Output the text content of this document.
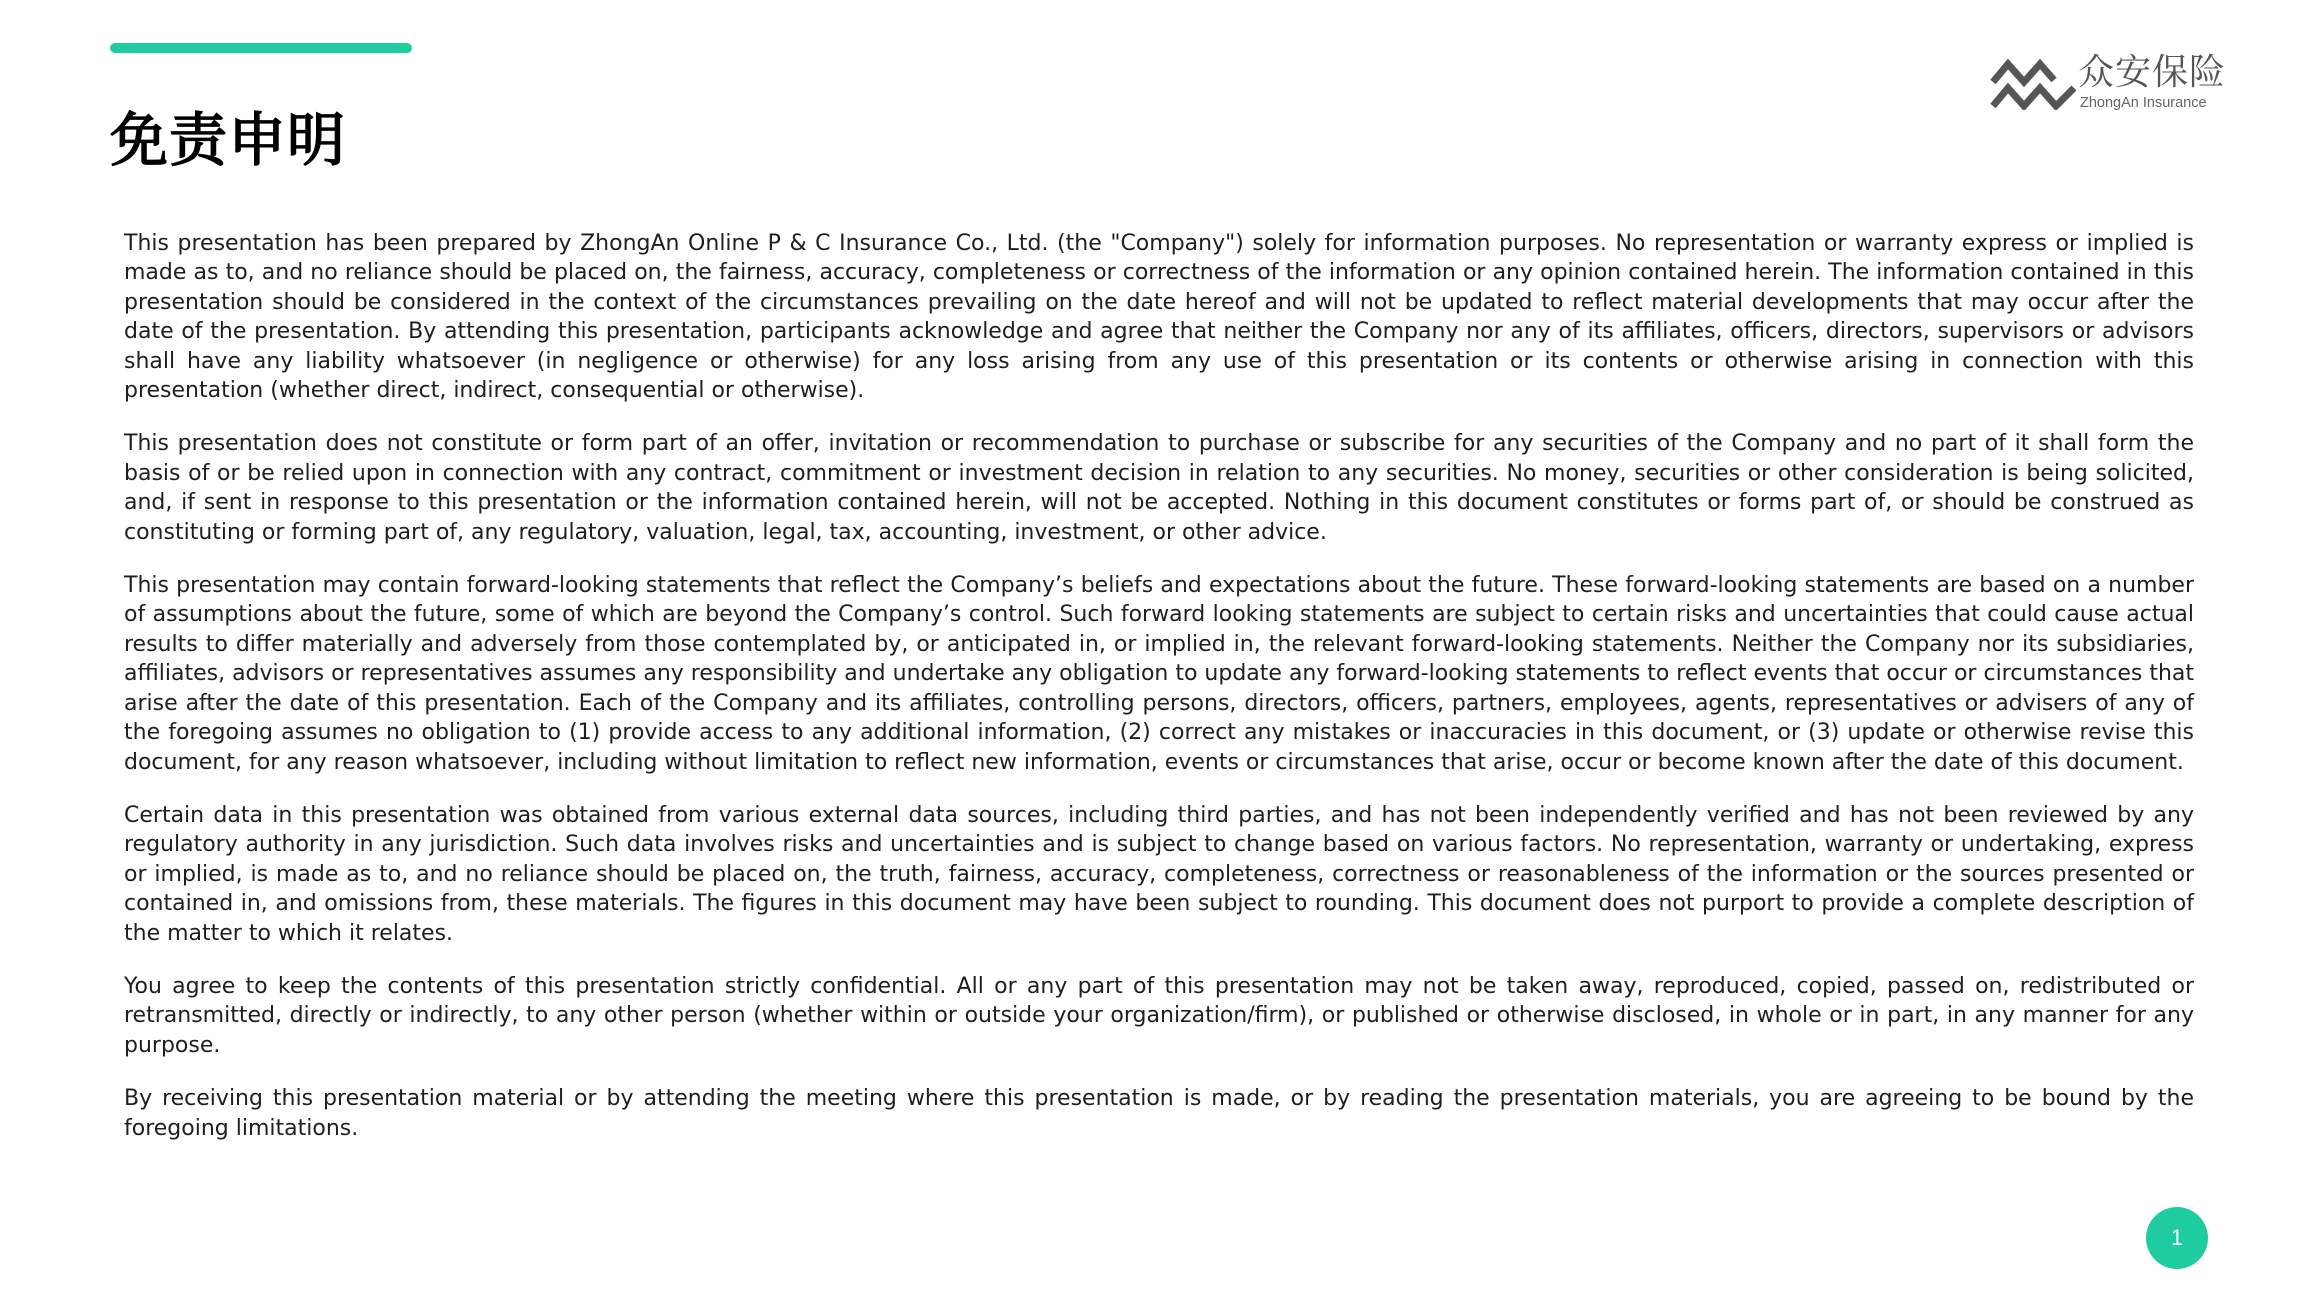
免责申明
众安保险
ZhongAn Insurance

This presentation has been prepared by ZhongAn Online P & C Insurance Co., Ltd. (the "Company") solely for information purposes. No representation or warranty express or implied is made as to, and no reliance should be placed on, the fairness, accuracy, completeness or correctness of the information or any opinion contained herein. The information contained in this presentation should be considered in the context of the circumstances prevailing on the date hereof and will not be updated to reflect material developments that may occur after the date of the presentation. By attending this presentation, participants acknowledge and agree that neither the Company nor any of its affiliates, officers, directors, supervisors or advisors shall have any liability whatsoever (in negligence or otherwise) for any loss arising from any use of this presentation or its contents or otherwise arising in connection with this presentation (whether direct, indirect, consequential or otherwise).

This presentation does not constitute or form part of an offer, invitation or recommendation to purchase or subscribe for any securities of the Company and no part of it shall form the basis of or be relied upon in connection with any contract, commitment or investment decision in relation to any securities. No money, securities or other consideration is being solicited, and, if sent in response to this presentation or the information contained herein, will not be accepted. Nothing in this document constitutes or forms part of, or should be construed as constituting or forming part of, any regulatory, valuation, legal, tax, accounting, investment, or other advice.

This presentation may contain forward-looking statements that reflect the Company’s beliefs and expectations about the future. These forward-looking statements are based on a number of assumptions about the future, some of which are beyond the Company’s control. Such forward looking statements are subject to certain risks and uncertainties that could cause actual results to differ materially and adversely from those contemplated by, or anticipated in, or implied in, the relevant forward-looking statements. Neither the Company nor its subsidiaries, affiliates, advisors or representatives assumes any responsibility and undertake any obligation to update any forward-looking statements to reflect events that occur or circumstances that arise after the date of this presentation. Each of the Company and its affiliates, controlling persons, directors, officers, partners, employees, agents, representatives or advisers of any of the foregoing assumes no obligation to (1) provide access to any additional information, (2) correct any mistakes or inaccuracies in this document, or (3) update or otherwise revise this document, for any reason whatsoever, including without limitation to reflect new information, events or circumstances that arise, occur or become known after the date of this document.

Certain data in this presentation was obtained from various external data sources, including third parties, and has not been independently verified and has not been reviewed by any regulatory authority in any jurisdiction. Such data involves risks and uncertainties and is subject to change based on various factors. No representation, warranty or undertaking, express or implied, is made as to, and no reliance should be placed on, the truth, fairness, accuracy, completeness, correctness or reasonableness of the information or the sources presented or contained in, and omissions from, these materials. The figures in this document may have been subject to rounding. This document does not purport to provide a complete description of the matter to which it relates.

You agree to keep the contents of this presentation strictly confidential. All or any part of this presentation may not be taken away, reproduced, copied, passed on, redistributed or retransmitted, directly or indirectly, to any other person (whether within or outside your organization/firm), or published or otherwise disclosed, in whole or in part, in any manner for any purpose.

By receiving this presentation material or by attending the meeting where this presentation is made, or by reading the presentation materials, you are agreeing to be bound by the foregoing limitations.

1
